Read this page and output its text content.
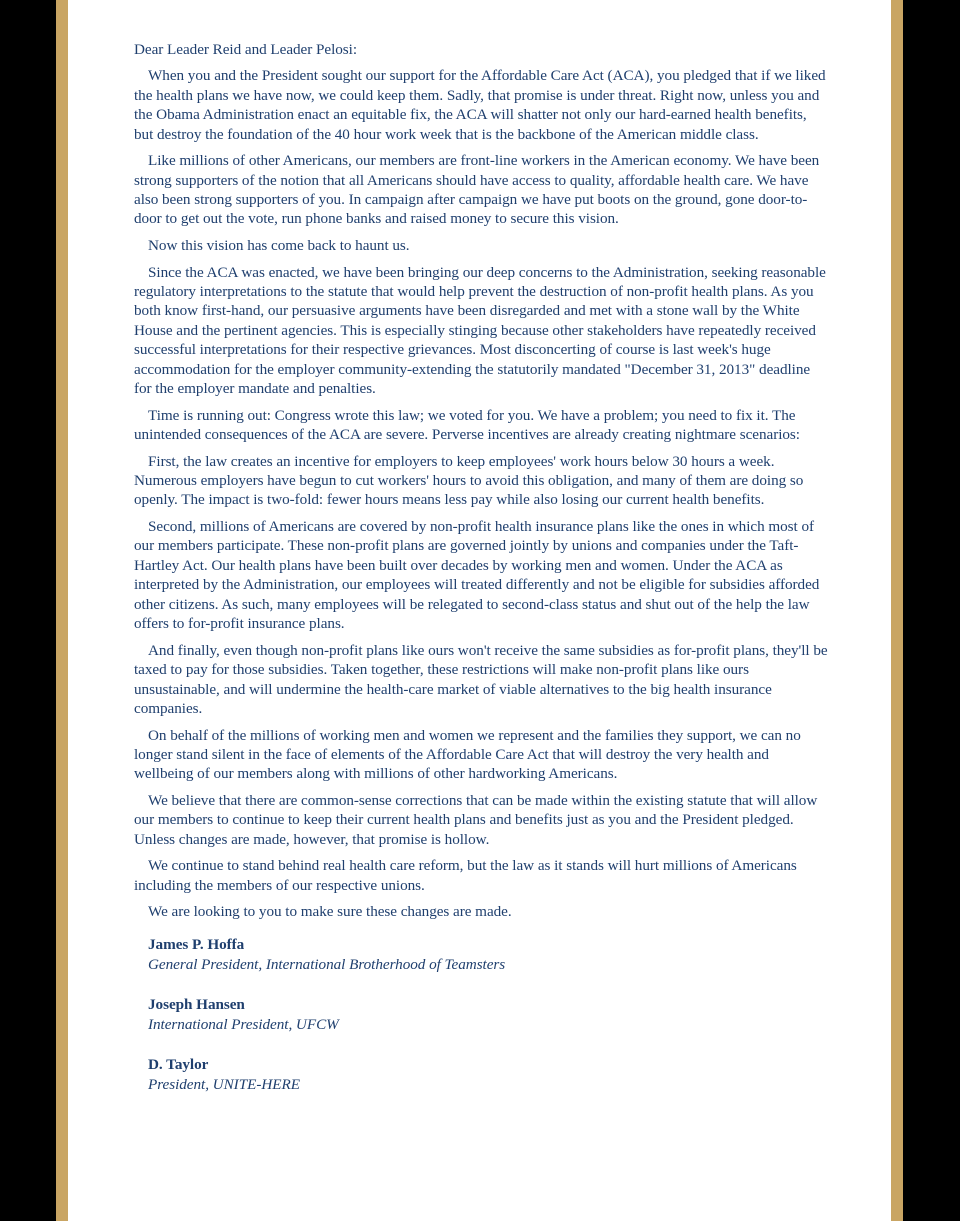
Dear Leader Reid and Leader Pelosi:

When you and the President sought our support for the Affordable Care Act (ACA), you pledged that if we liked the health plans we have now, we could keep them. Sadly, that promise is under threat. Right now, unless you and the Obama Administration enact an equitable fix, the ACA will shatter not only our hard-earned health benefits, but destroy the foundation of the 40 hour work week that is the backbone of the American middle class.

Like millions of other Americans, our members are front-line workers in the American economy. We have been strong supporters of the notion that all Americans should have access to quality, affordable health care. We have also been strong supporters of you. In campaign after campaign we have put boots on the ground, gone door-to-door to get out the vote, run phone banks and raised money to secure this vision.

Now this vision has come back to haunt us.

Since the ACA was enacted, we have been bringing our deep concerns to the Administration, seeking reasonable regulatory interpretations to the statute that would help prevent the destruction of non-profit health plans. As you both know first-hand, our persuasive arguments have been disregarded and met with a stone wall by the White House and the pertinent agencies. This is especially stinging because other stakeholders have repeatedly received successful interpretations for their respective grievances. Most disconcerting of course is last week's huge accommodation for the employer community-extending the statutorily mandated "December 31, 2013" deadline for the employer mandate and penalties.

Time is running out: Congress wrote this law; we voted for you. We have a problem; you need to fix it. The unintended consequences of the ACA are severe. Perverse incentives are already creating nightmare scenarios:

First, the law creates an incentive for employers to keep employees' work hours below 30 hours a week. Numerous employers have begun to cut workers' hours to avoid this obligation, and many of them are doing so openly. The impact is two-fold: fewer hours means less pay while also losing our current health benefits.

Second, millions of Americans are covered by non-profit health insurance plans like the ones in which most of our members participate. These non-profit plans are governed jointly by unions and companies under the Taft-Hartley Act. Our health plans have been built over decades by working men and women. Under the ACA as interpreted by the Administration, our employees will treated differently and not be eligible for subsidies afforded other citizens. As such, many employees will be relegated to second-class status and shut out of the help the law offers to for-profit insurance plans.

And finally, even though non-profit plans like ours won't receive the same subsidies as for-profit plans, they'll be taxed to pay for those subsidies. Taken together, these restrictions will make non-profit plans like ours unsustainable, and will undermine the health-care market of viable alternatives to the big health insurance companies.

On behalf of the millions of working men and women we represent and the families they support, we can no longer stand silent in the face of elements of the Affordable Care Act that will destroy the very health and wellbeing of our members along with millions of other hardworking Americans.

We believe that there are common-sense corrections that can be made within the existing statute that will allow our members to continue to keep their current health plans and benefits just as you and the President pledged. Unless changes are made, however, that promise is hollow.

We continue to stand behind real health care reform, but the law as it stands will hurt millions of Americans including the members of our respective unions.

We are looking to you to make sure these changes are made.

James P. Hoffa
General President, International Brotherhood of Teamsters
Joseph Hansen
International President, UFCW
D. Taylor
President, UNITE-HERE
